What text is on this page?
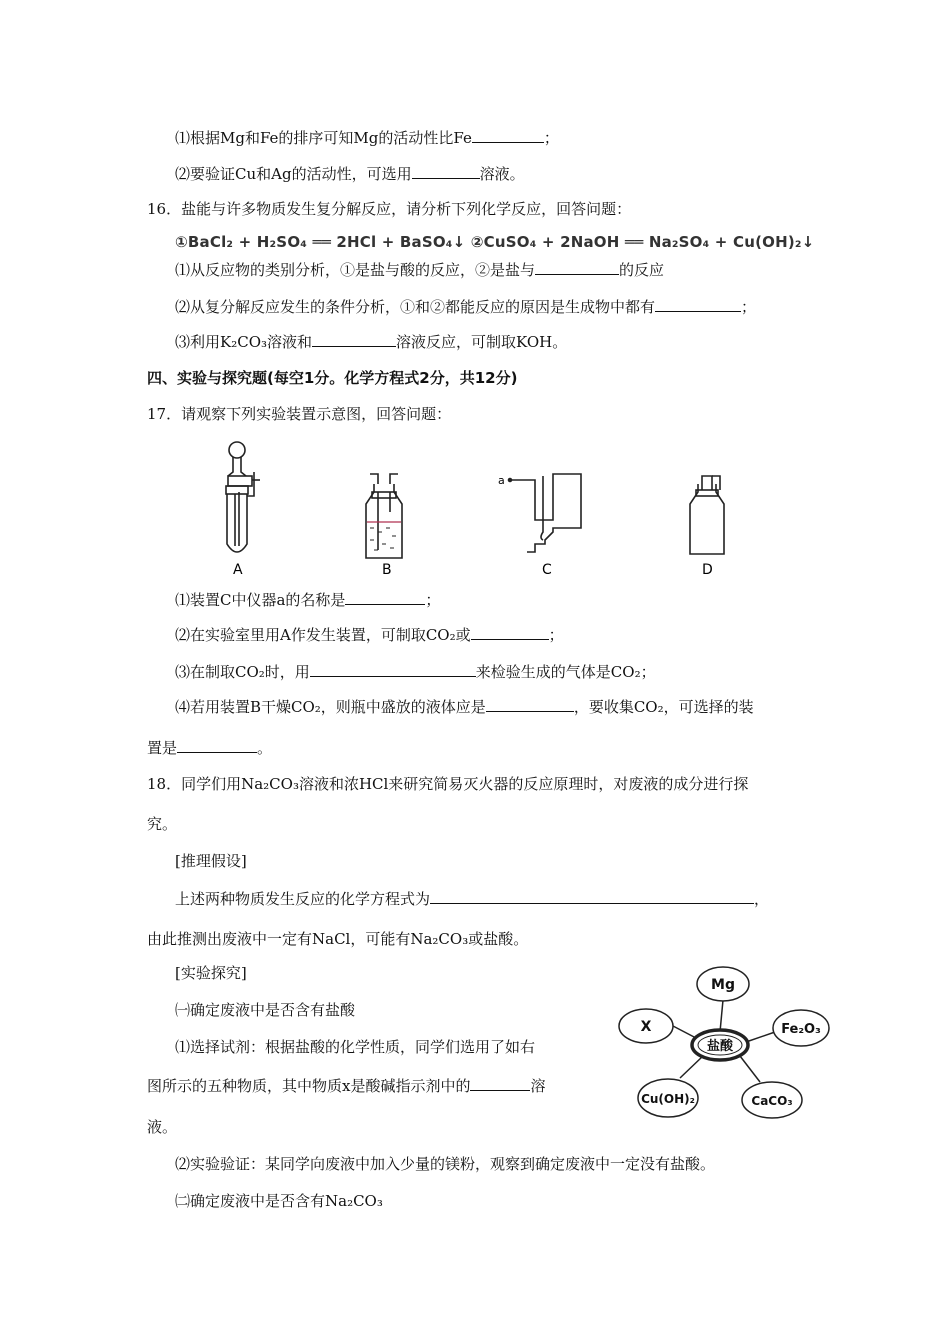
⑴根据Mg和Fe的排序可知Mg的活动性比Fe	；
⑵要验证Cu和Ag的活动性，可选用	溶液。
16．盐能与许多物质发生复分解反应，请分析下列化学反应，回答问题：
①BaCl₂ + H₂SO₄ ══ 2HCl + BaSO₄↓ ②CuSO₄ + 2NaOH ══ Na₂SO₄ + Cu(OH)₂↓
⑴从反应物的类别分析，①是盐与酸的反应，②是盐与	的反应
⑵从复分解反应发生的条件分析，①和②都能反应的原因是生成物中都有	；
⑶利用K₂CO₃溶液和	溶液反应，可制取KOH。
四、实验与探究题(每空1分。化学方程式2分，共12分)
17．请观察下列实验装置示意图，回答问题：
a
A	B	C	D
⑴装置C中仪器a的名称是	；
⑵在实验室里用A作发生装置，可制取CO₂或	；
⑶在制取CO₂时，用	来检验生成的气体是CO₂；
⑷若用装置B干燥CO₂，则瓶中盛放的液体应是	，要收集CO₂，可选择的装
置是	。
18．同学们用Na₂CO₃溶液和浓HCl来研究简易灭火器的反应原理时，对废液的成分进行探
究。
[推理假设]
上述两种物质发生反应的化学方程式为	，
由此推测出废液中一定有NaCl，可能有Na₂CO₃或盐酸。
[实验探究]
㈠确定废液中是否含有盐酸
⑴选择试剂：根据盐酸的化学性质，同学们选用了如右
图所示的五种物质，其中物质x是酸碱指示剂中的	溶
液。
⑵实验验证：某同学向废液中加入少量的镁粉，观察到确定废液中一定没有盐酸。
㈡确定废液中是否含有Na₂CO₃
Mg
X	Fe₂O₃
Cu(OH)₂	CaCO₃
盐酸
